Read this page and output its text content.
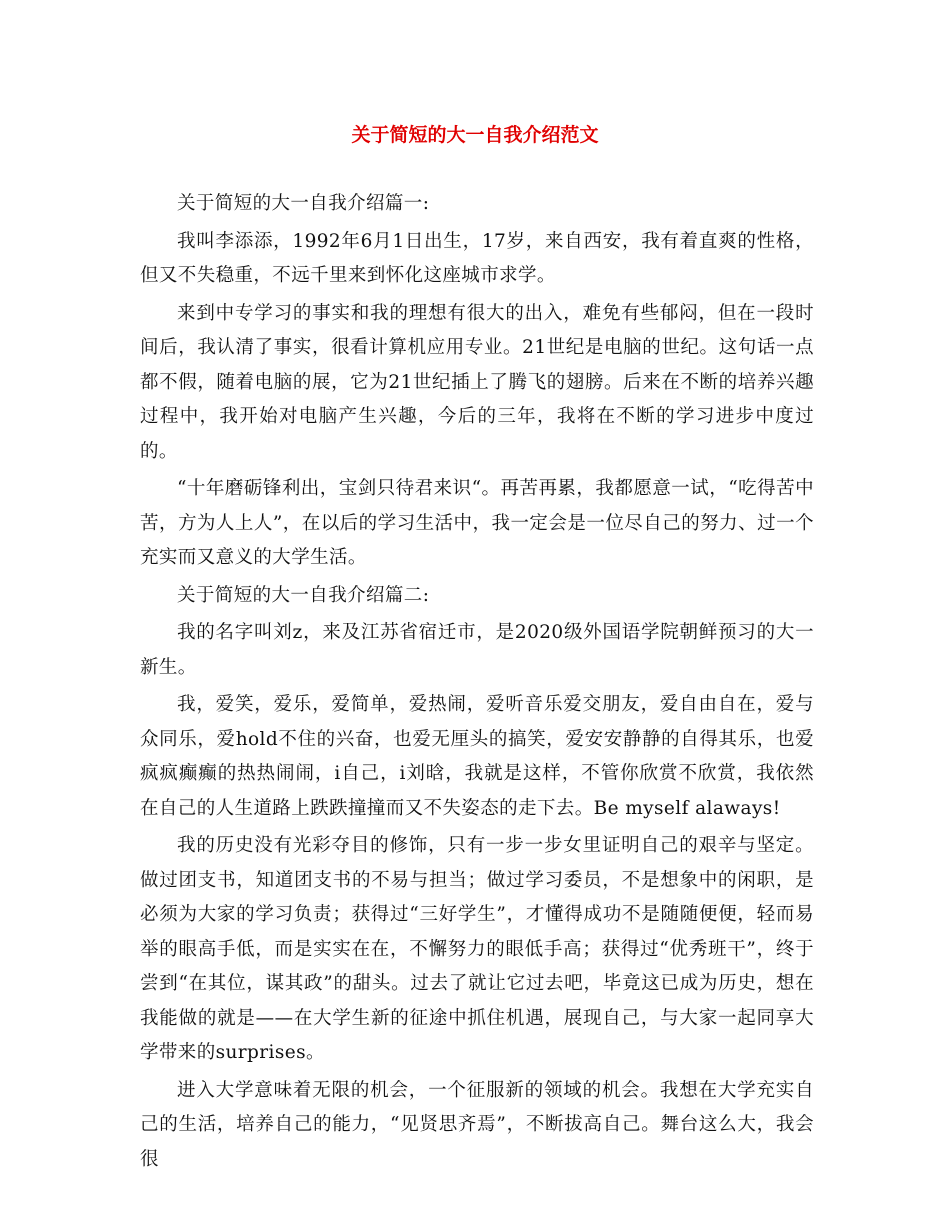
关于简短的大一自我介绍范文

关于简短的大一自我介绍篇一:

我叫李添添，1992年6月1日出生，17岁，来自西安，我有着直爽的性格，但又不失稳重，不远千里来到怀化这座城市求学。

来到中专学习的事实和我的理想有很大的出入，难免有些郁闷，但在一段时间后，我认清了事实，很看计算机应用专业。21世纪是电脑的世纪。这句话一点都不假，随着电脑的展，它为21世纪插上了腾飞的翅膀。后来在不断的培养兴趣过程中，我开始对电脑产生兴趣，今后的三年，我将在不断的学习进步中度过的。

“十年磨砺锋利出，宝剑只待君来识“。再苦再累，我都愿意一试，“吃得苦中苦，方为人上人”，在以后的学习生活中，我一定会是一位尽自己的努力、过一个充实而又意义的大学生活。

关于简短的大一自我介绍篇二:

我的名字叫刘z，来及江苏省宿迁市，是2020级外国语学院朝鲜预习的大一新生。

我，爱笑，爱乐，爱简单，爱热闹，爱听音乐爱交朋友，爱自由自在，爱与众同乐，爱hold不住的兴奋，也爱无厘头的搞笑，爱安安静静的自得其乐，也爱疯疯癫癫的热热闹闹，i自己，i刘晗，我就是这样，不管你欣赏不欣赏，我依然在自己的人生道路上跌跌撞撞而又不失姿态的走下去。Be myself alaways!

我的历史没有光彩夺目的修饰，只有一步一步女里证明自己的艰辛与坚定。做过团支书，知道团支书的不易与担当；做过学习委员，不是想象中的闲职，是必须为大家的学习负责；获得过“三好学生”，才懂得成功不是随随便便，轻而易举的眼高手低，而是实实在在，不懈努力的眼低手高；获得过“优秀班干”，终于尝到“在其位，谋其政”的甜头。过去了就让它过去吧，毕竟这已成为历史，想在我能做的就是——在大学生新的征途中抓住机遇，展现自己，与大家一起同享大学带来的surprises。

进入大学意味着无限的机会，一个征服新的领域的机会。我想在大学充实自己的生活，培养自己的能力，“见贤思齐焉”，不断拔高自己。舞台这么大，我会很
